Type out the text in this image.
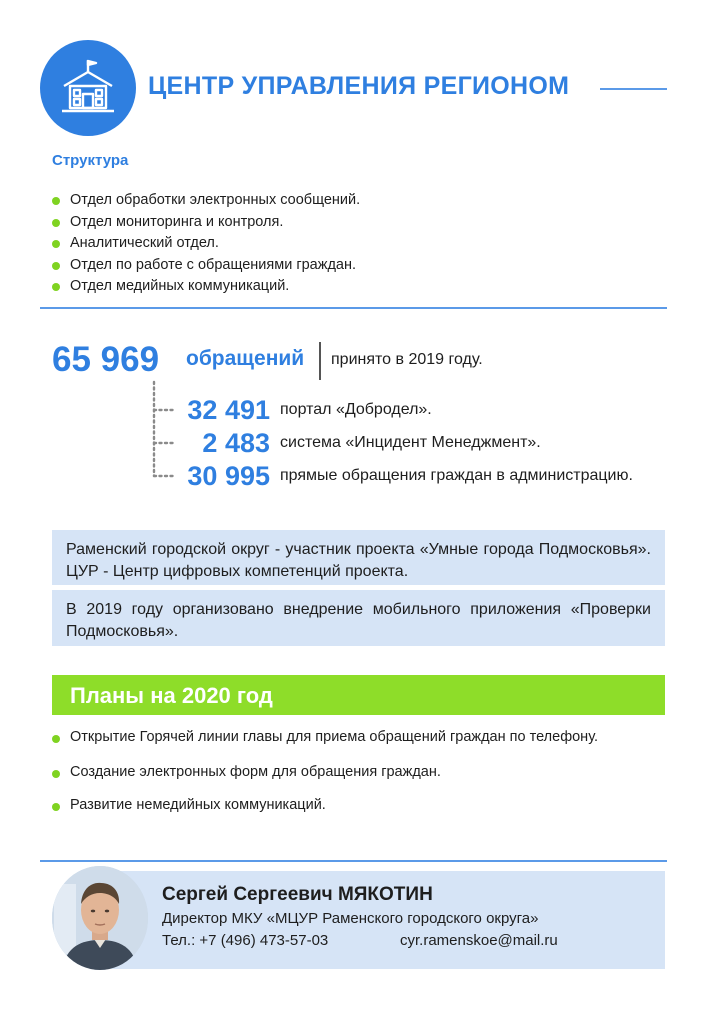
ЦЕНТР УПРАВЛЕНИЯ РЕГИОНОМ
Структура
Отдел обработки электронных сообщений.
Отдел мониторинга и контроля.
Аналитический отдел.
Отдел по работе с обращениями граждан.
Отдел медийных коммуникаций.
65 969 обращений принято в 2019 году.
32 491 портал «Добродел».
2 483 система «Инцидент Менеджмент».
30 995 прямые обращения граждан в администрацию.
Раменский городской округ - участник проекта «Умные города Подмосковья». ЦУР - Центр цифровых компетенций проекта.
В 2019 году организовано внедрение мобильного приложения «Проверки Подмосковья».
Планы на 2020 год
Открытие Горячей линии главы для приема обращений граждан по телефону.
Создание электронных форм для обращения граждан.
Развитие немедийных коммуникаций.
Сергей Сергеевич МЯКОТИН
Директор МКУ «МЦУР Раменского городского округа»
Тел.: +7 (496) 473-57-03	cyr.ramenskoe@mail.ru
